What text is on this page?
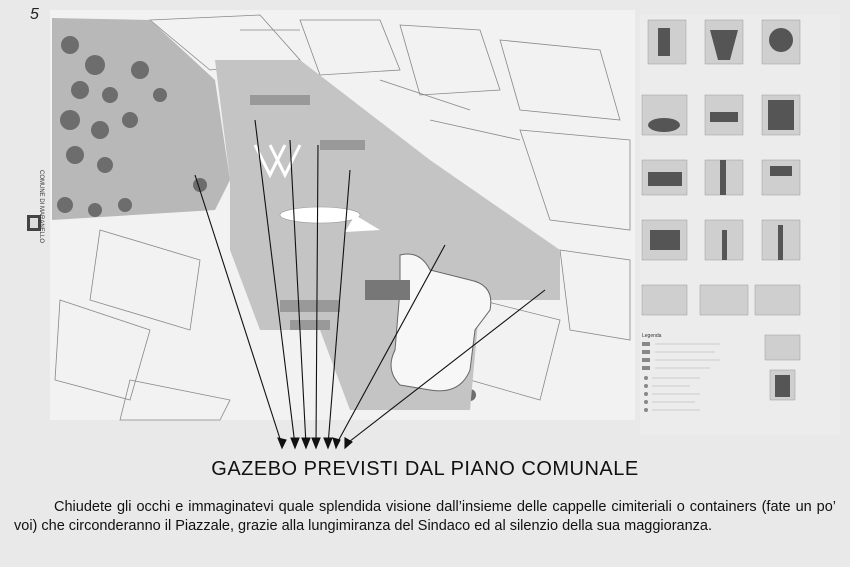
5
Legenda
COMUNE DI MARANELLO
GAZEBO PREVISTI DAL PIANO COMUNALE

Chiudete gli occhi e immaginatevi quale splendida visione dall’insieme delle cappelle cimiteriali o containers (fate un po’ voi) che circonderanno il Piazzale, grazie alla lungimiranza del Sindaco ed al silenzio della sua maggioranza.
